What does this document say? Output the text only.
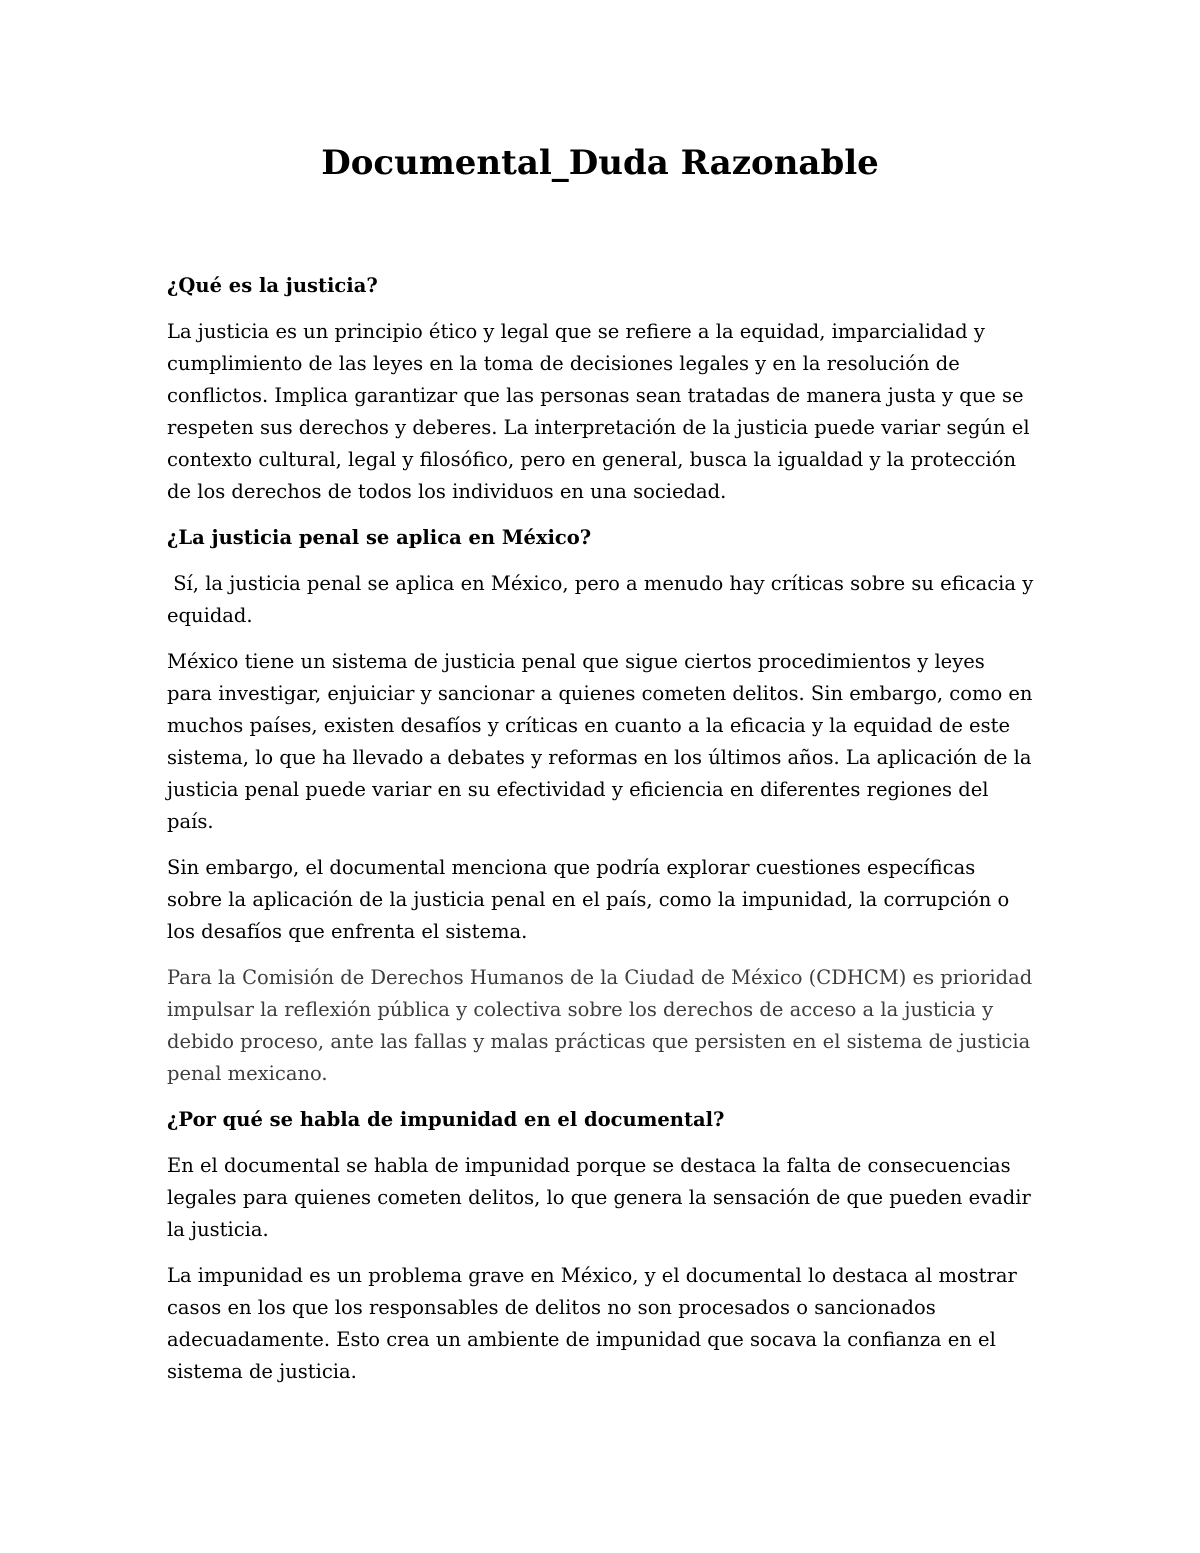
Documental_Duda Razonable
¿Qué es la justicia?
La justicia es un principio ético y legal que se refiere a la equidad, imparcialidad y
cumplimiento de las leyes en la toma de decisiones legales y en la resolución de
conflictos. Implica garantizar que las personas sean tratadas de manera justa y que se
respeten sus derechos y deberes. La interpretación de la justicia puede variar según el
contexto cultural, legal y filosófico, pero en general, busca la igualdad y la protección
de los derechos de todos los individuos en una sociedad.
¿La justicia penal se aplica en México?
Sí, la justicia penal se aplica en México, pero a menudo hay críticas sobre su eficacia y
equidad.
México tiene un sistema de justicia penal que sigue ciertos procedimientos y leyes
para investigar, enjuiciar y sancionar a quienes cometen delitos. Sin embargo, como en
muchos países, existen desafíos y críticas en cuanto a la eficacia y la equidad de este
sistema, lo que ha llevado a debates y reformas en los últimos años. La aplicación de la
justicia penal puede variar en su efectividad y eficiencia en diferentes regiones del
país.
Sin embargo, el documental menciona que podría explorar cuestiones específicas
sobre la aplicación de la justicia penal en el país, como la impunidad, la corrupción o
los desafíos que enfrenta el sistema.
Para la Comisión de Derechos Humanos de la Ciudad de México (CDHCM) es prioridad
impulsar la reflexión pública y colectiva sobre los derechos de acceso a la justicia y
debido proceso, ante las fallas y malas prácticas que persisten en el sistema de justicia
penal mexicano.
¿Por qué se habla de impunidad en el documental?
En el documental se habla de impunidad porque se destaca la falta de consecuencias
legales para quienes cometen delitos, lo que genera la sensación de que pueden evadir
la justicia.
La impunidad es un problema grave en México, y el documental lo destaca al mostrar
casos en los que los responsables de delitos no son procesados o sancionados
adecuadamente. Esto crea un ambiente de impunidad que socava la confianza en el
sistema de justicia.
